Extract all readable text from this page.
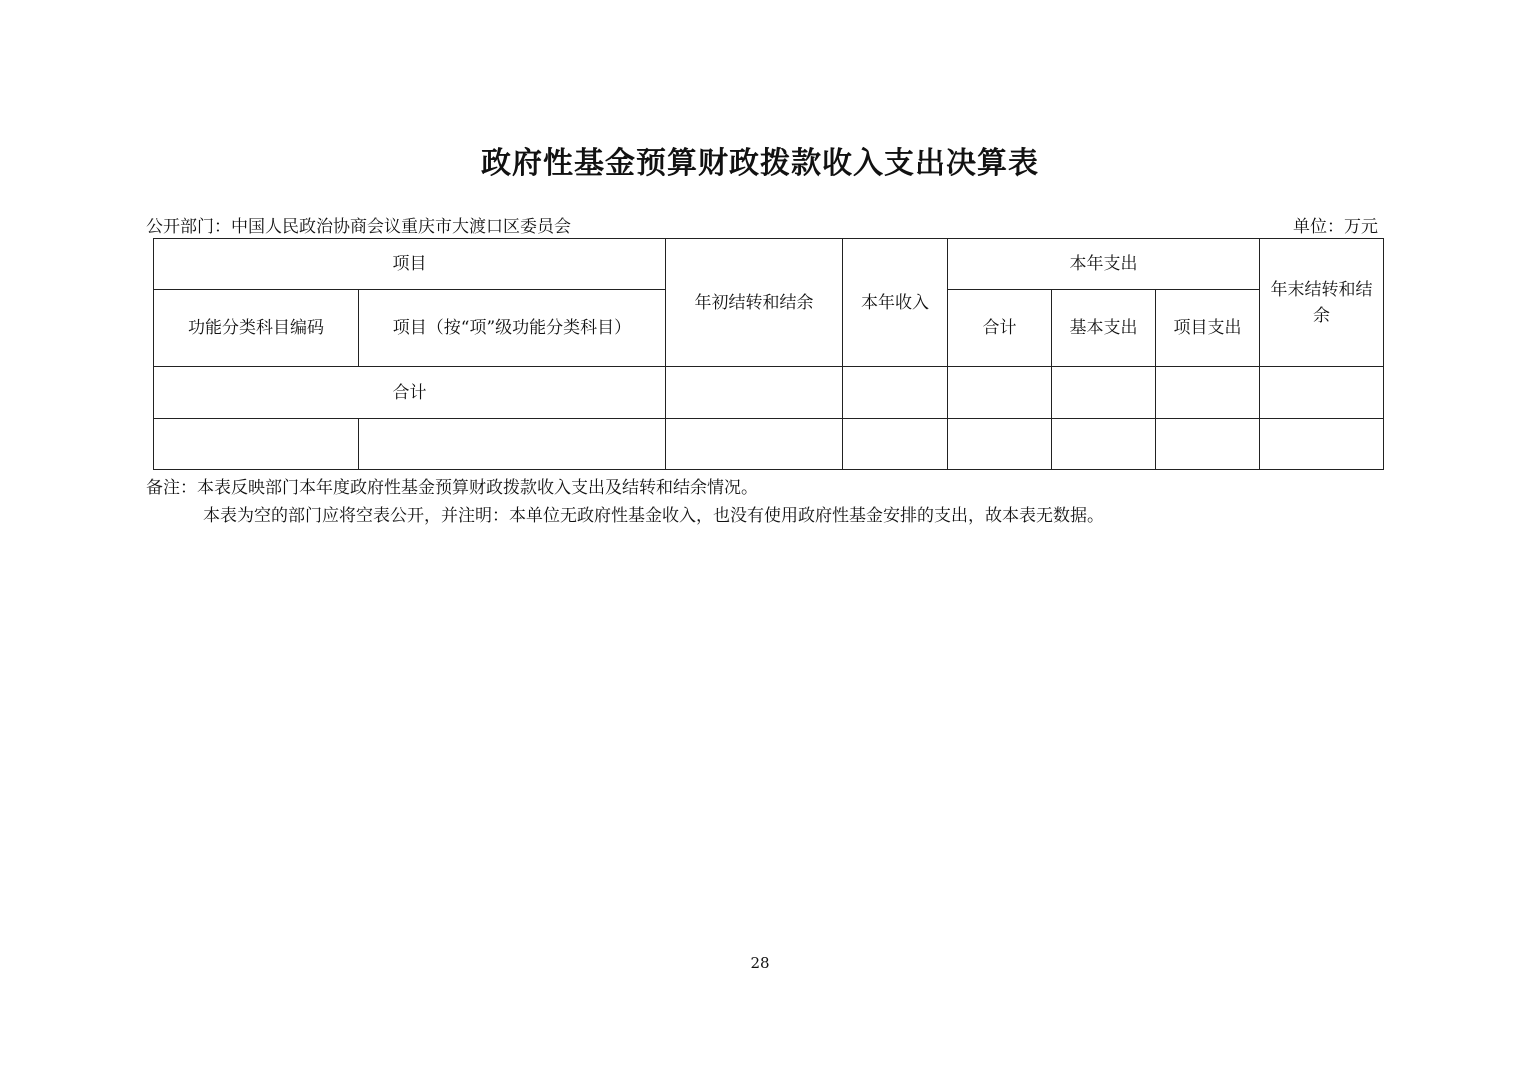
政府性基金预算财政拨款收入支出决算表
公开部门：中国人民政治协商会议重庆市大渡口区委员会	单位：万元
项目		年初结转和结余	本年收入	本年支出			年末结转和结余
功能分类科目编码	项目（按“项”级功能分类科目）			合计	基本支出	项目支出	
合计							

备注：本表反映部门本年度政府性基金预算财政拨款收入支出及结转和结余情况。
本表为空的部门应将空表公开，并注明：本单位无政府性基金收入，也没有使用政府性基金安排的支出，故本表无数据。
28
